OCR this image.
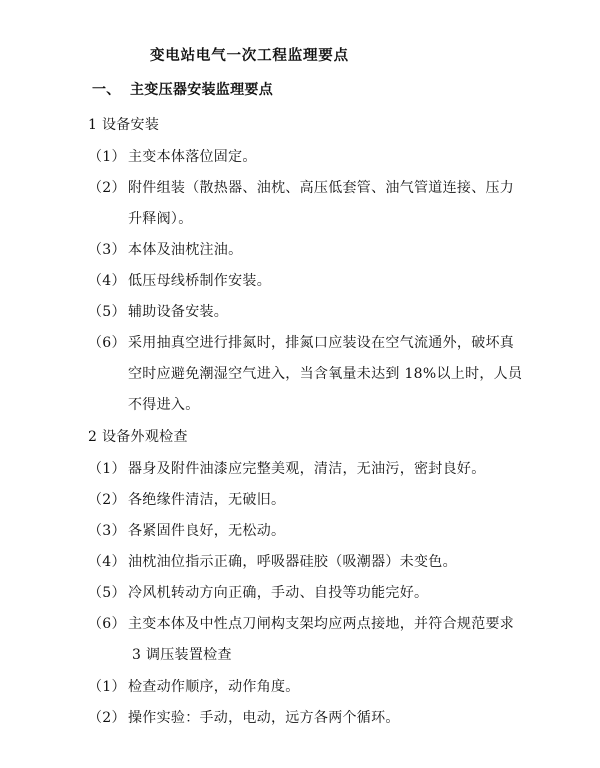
变电站电气一次工程监理要点
一、 主变压器安装监理要点
1 设备安装
（1） 主变本体落位固定。
（2） 附件组装（散热器、油枕、高压低套管、油气管道连接、压力
升释阀）。
（3） 本体及油枕注油。
（4） 低压母线桥制作安装。
（5） 辅助设备安装。
（6） 采用抽真空进行排氮时，排氮口应装设在空气流通外，破坏真
空时应避免潮湿空气进入，当含氧量未达到 18%以上时，人员
不得进入。
2 设备外观检查
（1） 器身及附件油漆应完整美观，清洁，无油污，密封良好。
（2） 各绝缘件清洁，无破旧。
（3） 各紧固件良好，无松动。
（4） 油枕油位指示正确，呼吸器硅胶（吸潮器）未变色。
（5） 冷风机转动方向正确，手动、自投等功能完好。
（6） 主变本体及中性点刀闸构支架均应两点接地，并符合规范要求
3 调压装置检查
（1） 检查动作顺序，动作角度。
（2） 操作实验：手动，电动，远方各两个循环。
